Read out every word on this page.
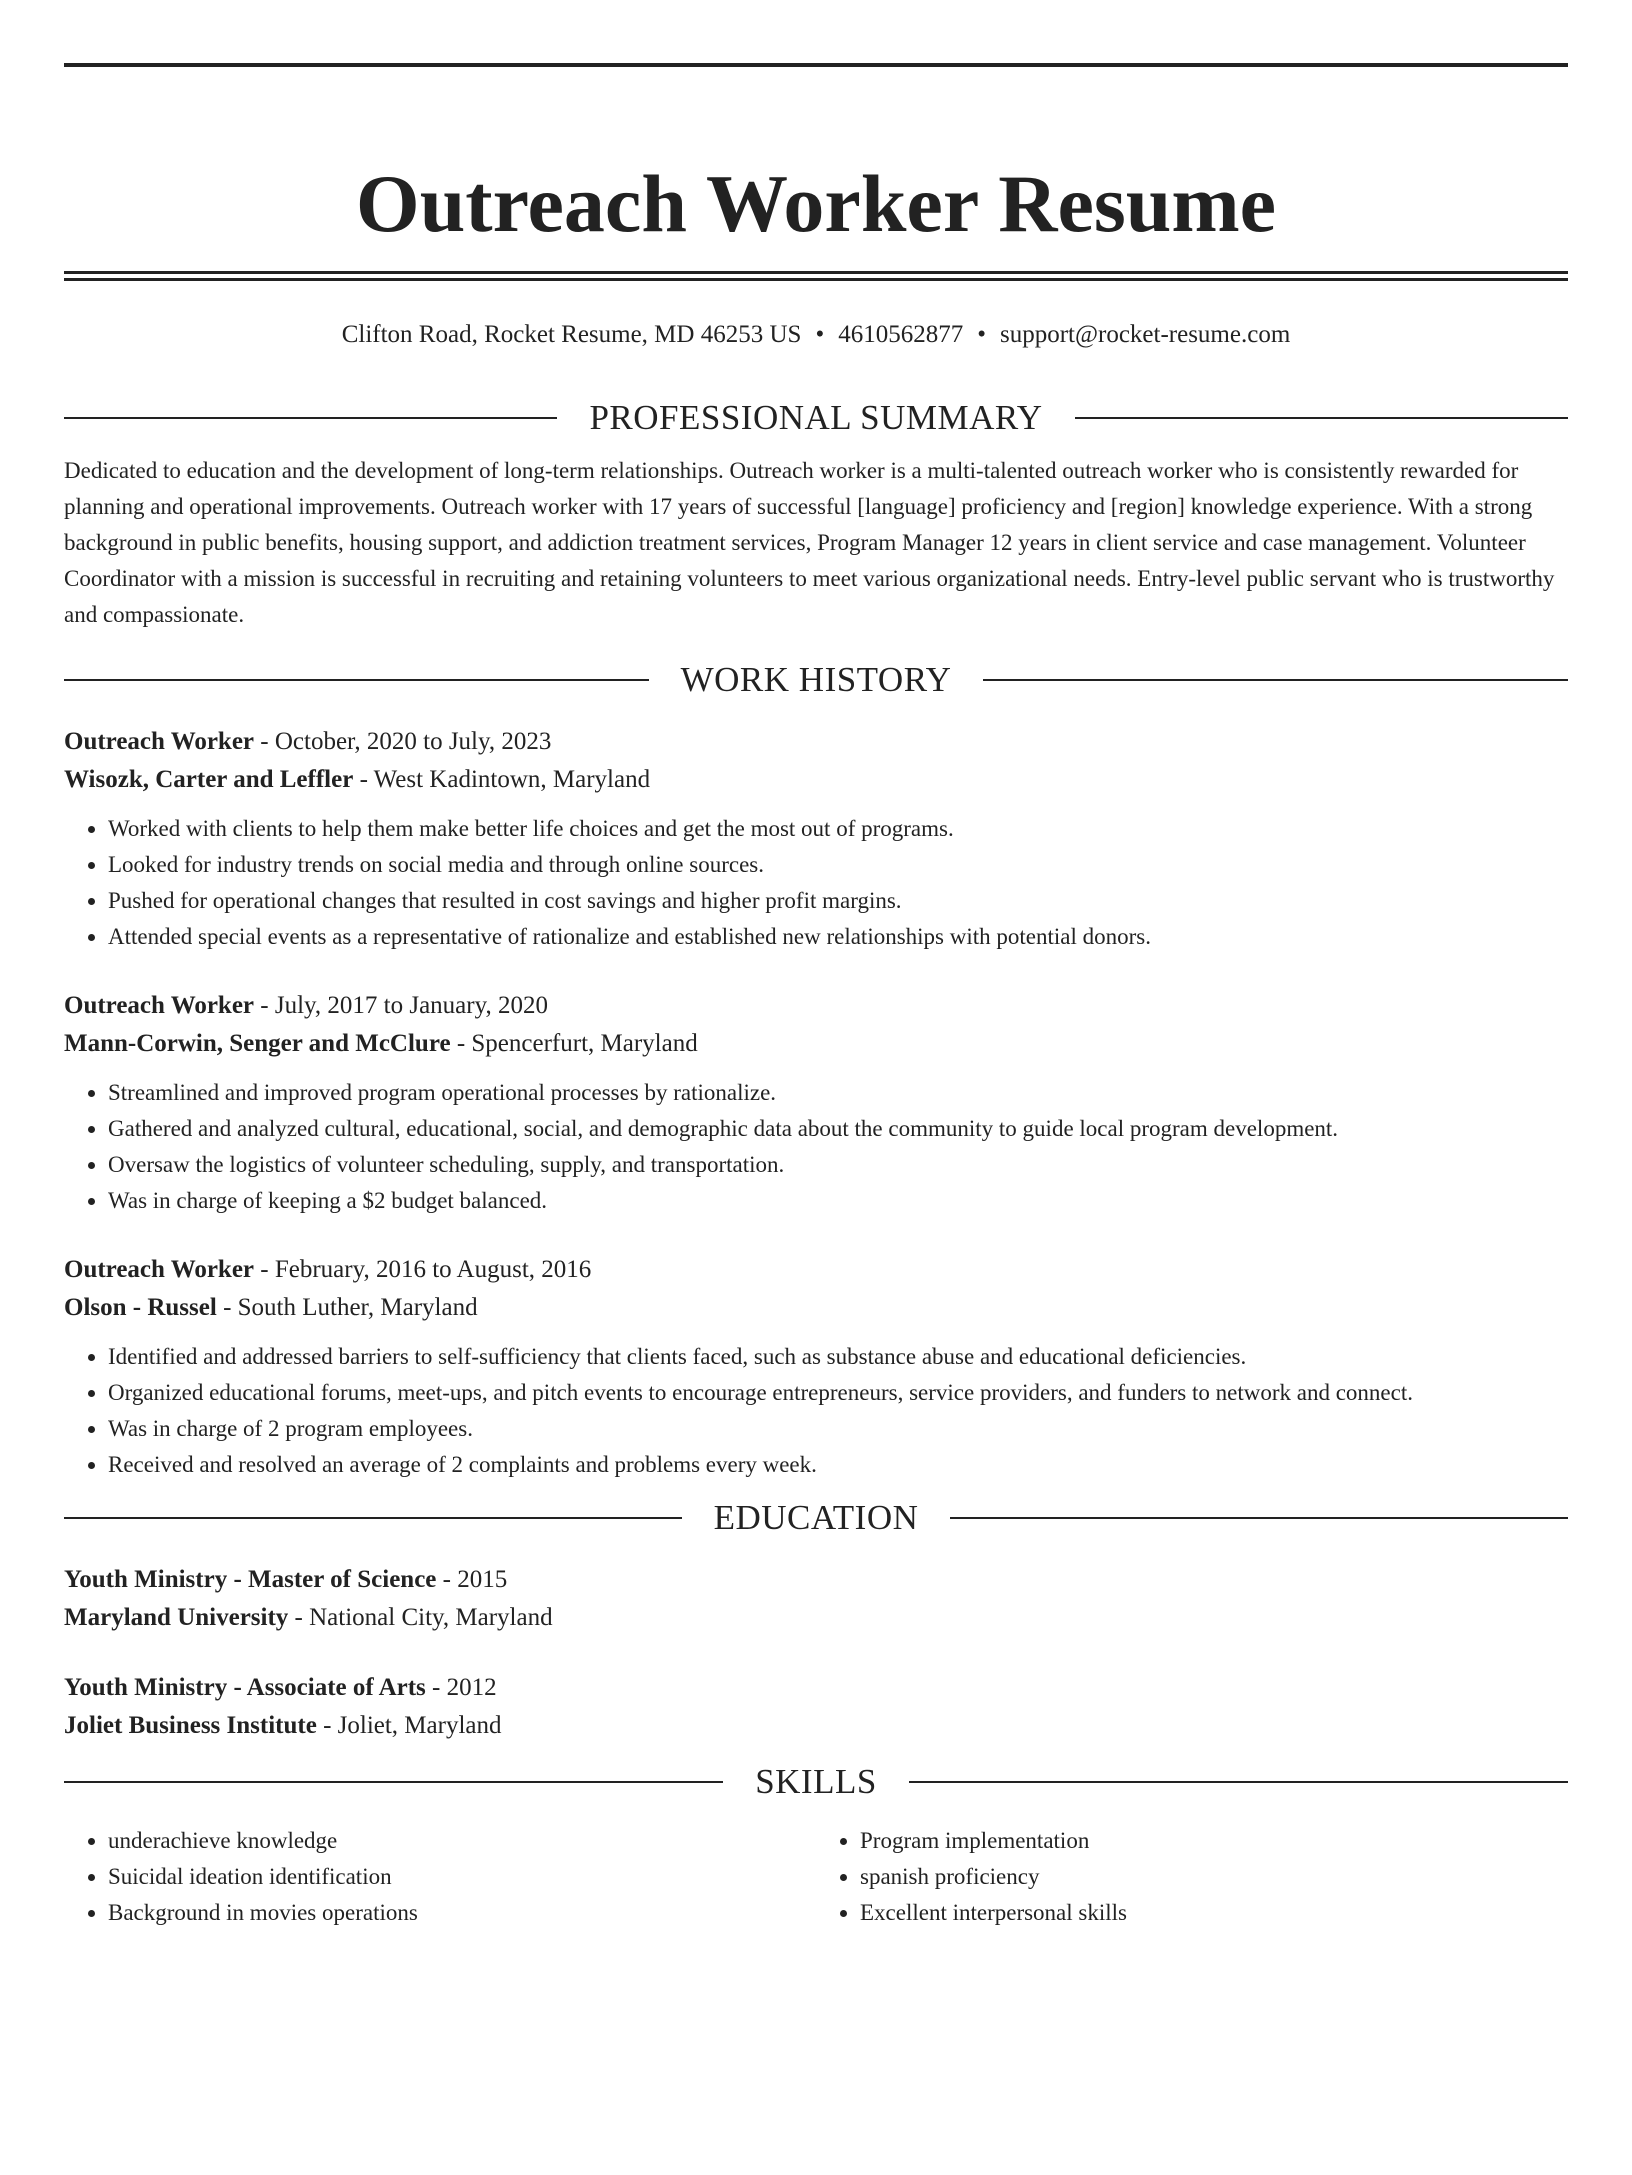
Outreach Worker Resume
Clifton Road, Rocket Resume, MD 46253 US • 4610562877 • support@rocket-resume.com
PROFESSIONAL SUMMARY

Dedicated to education and the development of long-term relationships. Outreach worker is a multi-talented outreach worker who is consistently rewarded for planning and operational improvements. Outreach worker with 17 years of successful [language] proficiency and [region] knowledge experience. With a strong background in public benefits, housing support, and addiction treatment services, Program Manager 12 years in client service and case management. Volunteer Coordinator with a mission is successful in recruiting and retaining volunteers to meet various organizational needs. Entry-level public servant who is trustworthy and compassionate.

WORK HISTORY
Outreach Worker - October, 2020 to July, 2023
Wisozk, Carter and Leffler - West Kadintown, Maryland
• Worked with clients to help them make better life choices and get the most out of programs.
• Looked for industry trends on social media and through online sources.
• Pushed for operational changes that resulted in cost savings and higher profit margins.
• Attended special events as a representative of rationalize and established new relationships with potential donors.
Outreach Worker - July, 2017 to January, 2020
Mann-Corwin, Senger and McClure - Spencerfurt, Maryland
• Streamlined and improved program operational processes by rationalize.
• Gathered and analyzed cultural, educational, social, and demographic data about the community to guide local program development.
• Oversaw the logistics of volunteer scheduling, supply, and transportation.
• Was in charge of keeping a $2 budget balanced.
Outreach Worker - February, 2016 to August, 2016
Olson - Russel - South Luther, Maryland
• Identified and addressed barriers to self-sufficiency that clients faced, such as substance abuse and educational deficiencies.
• Organized educational forums, meet-ups, and pitch events to encourage entrepreneurs, service providers, and funders to network and connect.
• Was in charge of 2 program employees.
• Received and resolved an average of 2 complaints and problems every week.
EDUCATION
Youth Ministry - Master of Science - 2015
Maryland University - National City, Maryland
Youth Ministry - Associate of Arts - 2012
Joliet Business Institute - Joliet, Maryland
SKILLS
• underachieve knowledge
• Suicidal ideation identification
• Background in movies operations
• Program implementation
• spanish proficiency
• Excellent interpersonal skills
